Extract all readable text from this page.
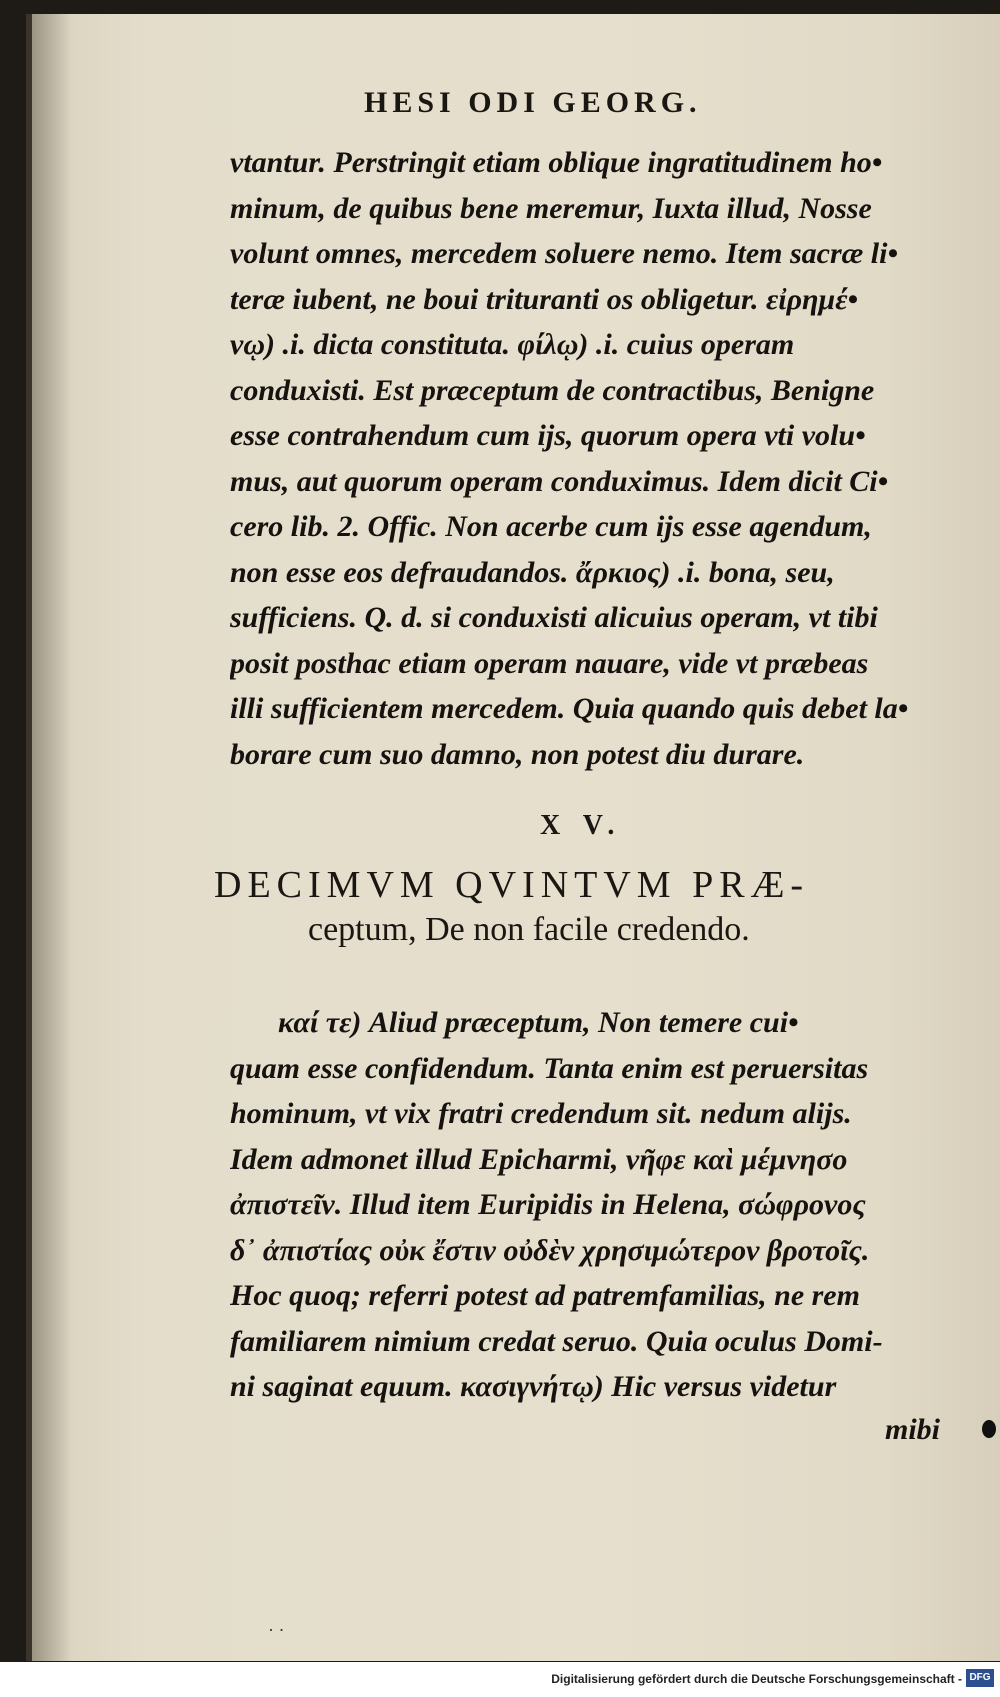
HESI ODI GEORG.
vtantur. Perstringit etiam oblique ingratitudinem ho•
minum, de quibus bene meremur, Iuxta illud, Nosse
volunt omnes, mercedem soluere nemo. Item sacræ li•
teræ iubent, ne boui trituranti os obligetur. εἰρημέ•
νῳ) .i. dicta constituta. φίλῳ) .i. cuius operam
conduxisti. Est præceptum de contractibus, Benigne
esse contrahendum cum ijs, quorum opera vti volu•
mus, aut quorum operam conduximus. Idem dicit Ci•
cero lib. 2. Offic. Non acerbe cum ijs esse agendum,
non esse eos defraudandos. ἄρκιος) .i. bona, seu,
sufficiens. Q. d. si conduxisti alicuius operam, vt tibi
posit posthac etiam operam nauare, vide vt præbeas
illi sufficientem mercedem. Quia quando quis debet la•
borare cum suo damno, non potest diu durare.
X V.
DECIMVM QVINTVM PRÆ-
ceptum, De non facile credendo.
καί τε) Aliud præceptum, Non temere cui•
quam esse confidendum. Tanta enim est peruersitas
hominum, vt vix fratri credendum sit. nedum alijs.
Idem admonet illud Epicharmi, νῆφε καὶ μέμνησο
ἀπιστεῖν. Illud item Euripidis in Helena, σώφρονος
δ᾽ ἀπιστίας οὐκ ἔστιν οὐδὲν χρησιμώτερον βροτοῖς.
Hoc quoq; referri potest ad patremfamilias, ne rem
familiarem nimium credat seruo. Quia oculus Domi-
ni saginat equum. κασιγνήτῳ) Hic versus videtur
mibi
· ·
Digitalisierung gefördert durch die Deutsche Forschungsgemeinschaft - DFG
